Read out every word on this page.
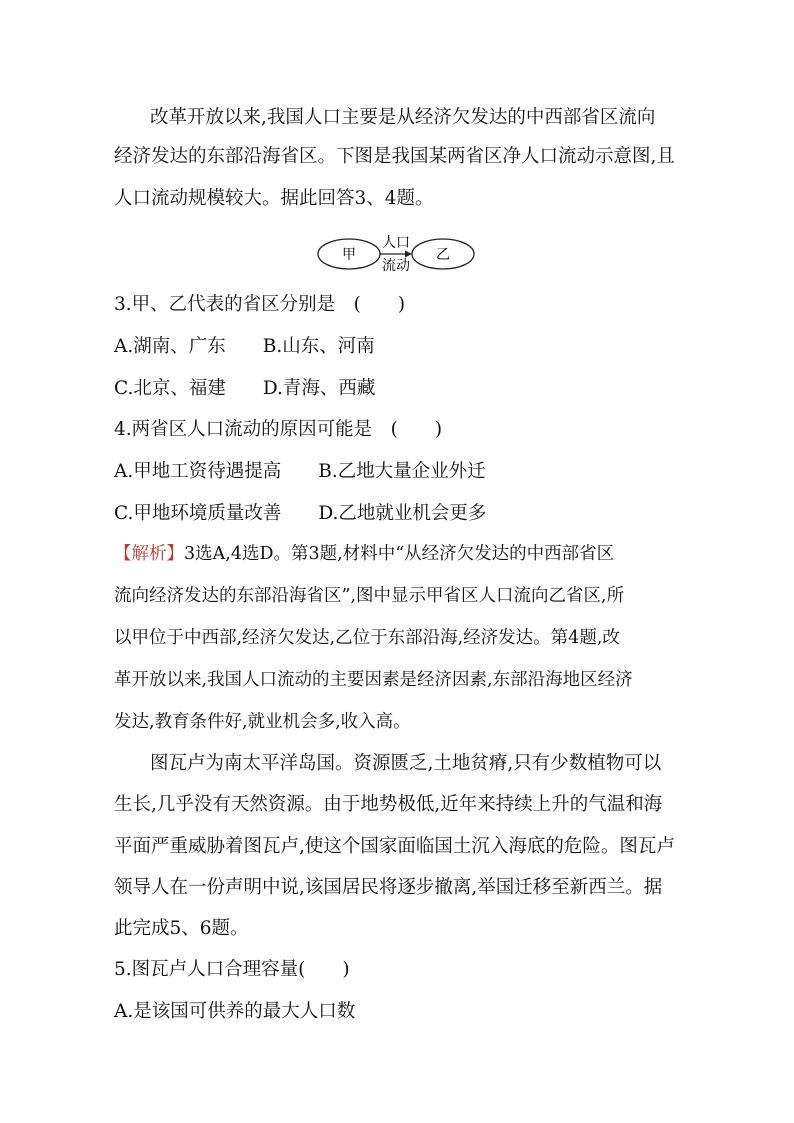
改革开放以来,我国人口主要是从经济欠发达的中西部省区流向
经济发达的东部沿海省区。下图是我国某两省区净人口流动示意图,且
人口流动规模较大。据此回答3、4题。
甲	乙
人口
流动
3.甲、乙代表的省区分别是　(　　)
A.湖南、广东　　B.山东、河南
C.北京、福建　　D.青海、西藏
4.两省区人口流动的原因可能是　(　　)
A.甲地工资待遇提高　　B.乙地大量企业外迁
C.甲地环境质量改善　　D.乙地就业机会更多
【解析】3选A,4选D。第3题,材料中“从经济欠发达的中西部省区
流向经济发达的东部沿海省区”,图中显示甲省区人口流向乙省区,所
以甲位于中西部,经济欠发达,乙位于东部沿海,经济发达。第4题,改
革开放以来,我国人口流动的主要因素是经济因素,东部沿海地区经济
发达,教育条件好,就业机会多,收入高。
图瓦卢为南太平洋岛国。资源匮乏,土地贫瘠,只有少数植物可以
生长,几乎没有天然资源。由于地势极低,近年来持续上升的气温和海
平面严重威胁着图瓦卢,使这个国家面临国土沉入海底的危险。图瓦卢
领导人在一份声明中说,该国居民将逐步撤离,举国迁移至新西兰。据
此完成5、6题。
5.图瓦卢人口合理容量(　　)
A.是该国可供养的最大人口数
